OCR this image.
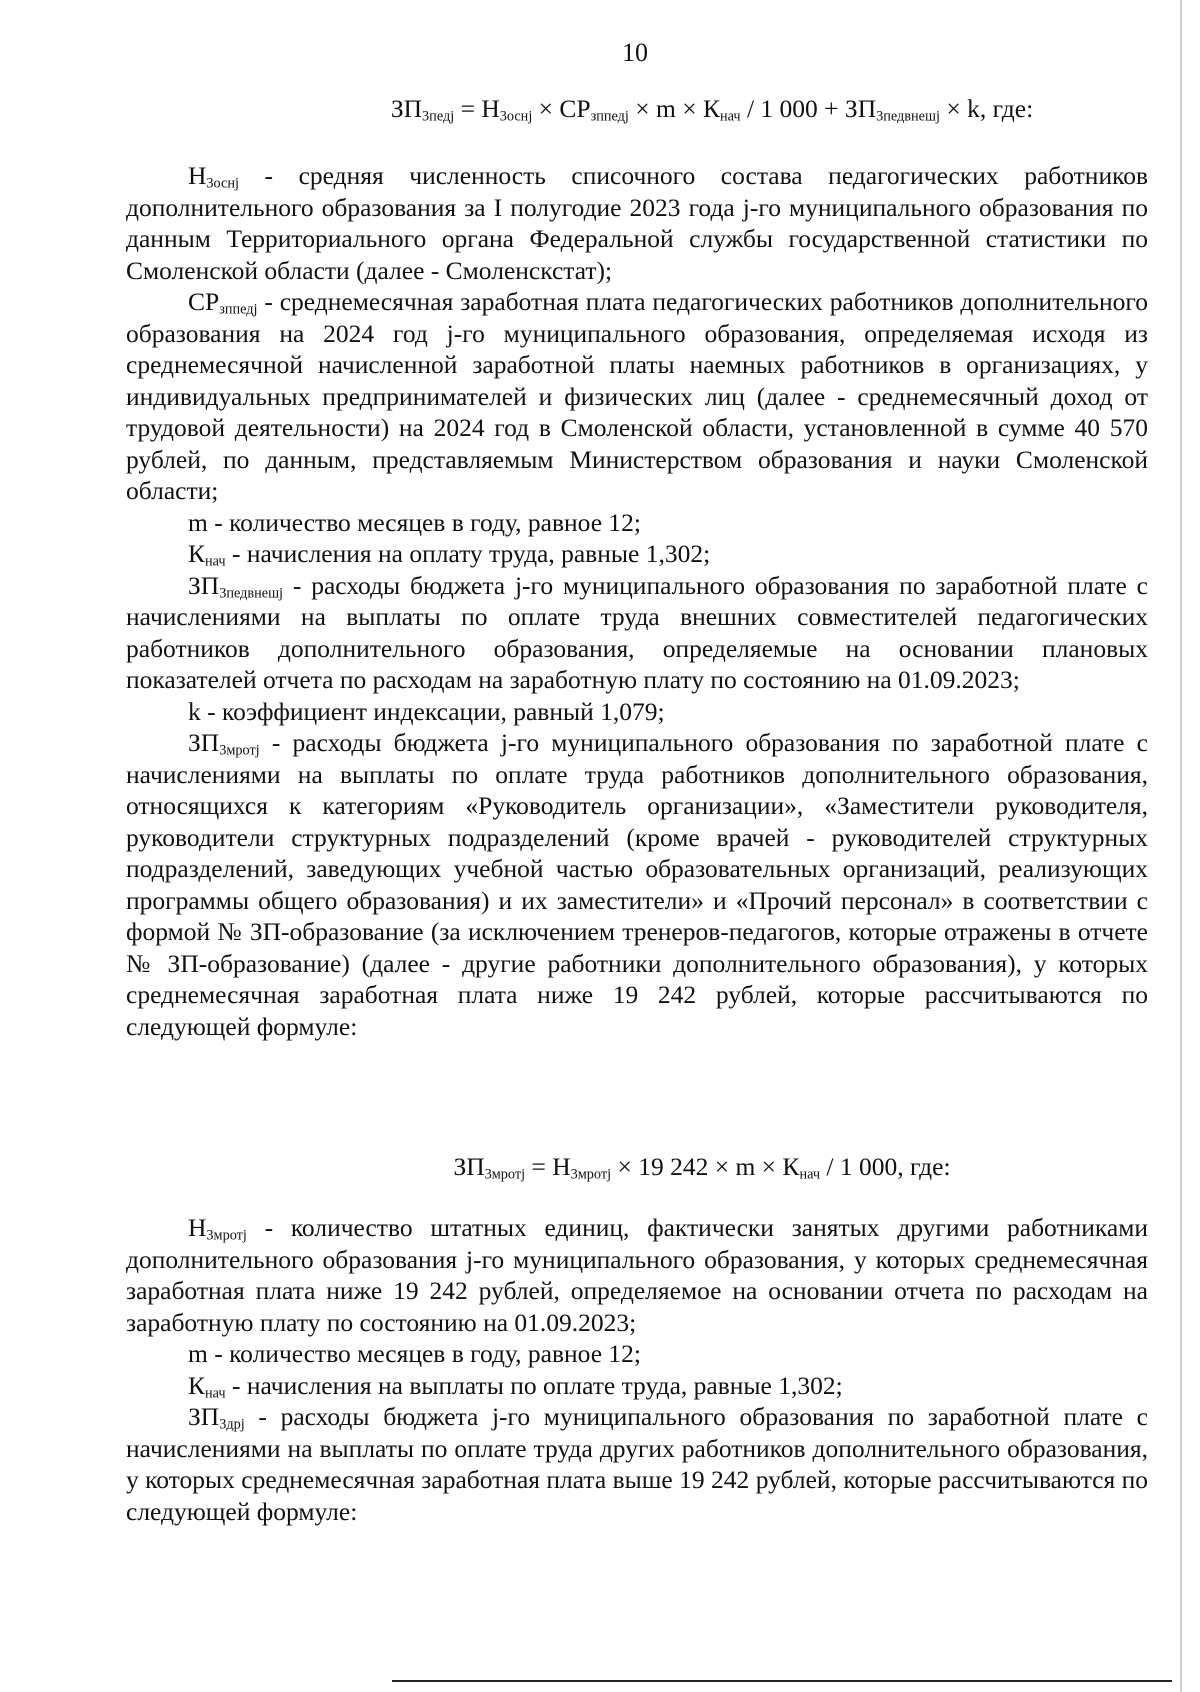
10
$ЗП_{3педj} = Н_{3оснj} \times СР_{зппедj} \times m \times К_{нач} / 1$ $000 + ЗП_{3педвнешj} \times k$, где:

$Н_{3оснj}$ - средняя численность списочного состава педагогических работников дополнительного образования за I полугодие 2023 года j-го муниципального образования по данным Территориального органа Федеральной службы государственной статистики по Смоленской области (далее - Смоленскстат);

$СР_{зппедj}$ - среднемесячная заработная плата педагогических работников дополнительного образования на 2024 год j-го муниципального образования, определяемая исходя из среднемесячной начисленной заработной платы наемных работников в организациях, у индивидуальных предпринимателей и физических лиц (далее - среднемесячный доход от трудовой деятельности) на 2024 год в Смоленской области, установленной в сумме 40 570 рублей, по данным, представляемым Министерством образования и науки Смоленской области;

m - количество месяцев в году, равное 12;

$К_{нач}$ - начисления на оплату труда, равные 1,302;

$ЗП_{3педвнешj}$ - расходы бюджета j-го муниципального образования по заработной плате с начислениями на выплаты по оплате труда внешних совместителей педагогических работников дополнительного образования, определяемые на основании плановых показателей отчета по расходам на заработную плату по состоянию на 01.09.2023;

k - коэффициент индексации, равный 1,079;

$ЗП_{3мротj}$ - расходы бюджета j-го муниципального образования по заработной плате с начислениями на выплаты по оплате труда работников дополнительного образования, относящихся к категориям «Руководитель организации», «Заместители руководителя, руководители структурных подразделений (кроме врачей - руководителей структурных подразделений, заведующих учебной частью образовательных организаций, реализующих программы общего образования) и их заместители» и «Прочий персонал» в соответствии с формой № ЗП-образование (за исключением тренеров-педагогов, которые отражены в отчете № ЗП-образование) (далее - другие работники дополнительного образования), у которых среднемесячная заработная плата ниже 19 242 рублей, которые рассчитываются по следующей формуле:

$ЗП_{3мротj} = Н_{3мротj} \times 19$ $242 \times m \times К_{нач} / 1$ 000, где:

$Н_{3мротj}$ - количество штатных единиц, фактически занятых другими работниками дополнительного образования j-го муниципального образования, у которых среднемесячная заработная плата ниже 19 242 рублей, определяемое на основании отчета по расходам на заработную плату по состоянию на 01.09.2023;

m - количество месяцев в году, равное 12;

$К_{нач}$ - начисления на выплаты по оплате труда, равные 1,302;

$ЗП_{3дрj}$ - расходы бюджета j-го муниципального образования по заработной плате с начислениями на выплаты по оплате труда других работников дополнительного образования, у которых среднемесячная заработная плата выше 19 242 рублей, которые рассчитываются по следующей формуле:
